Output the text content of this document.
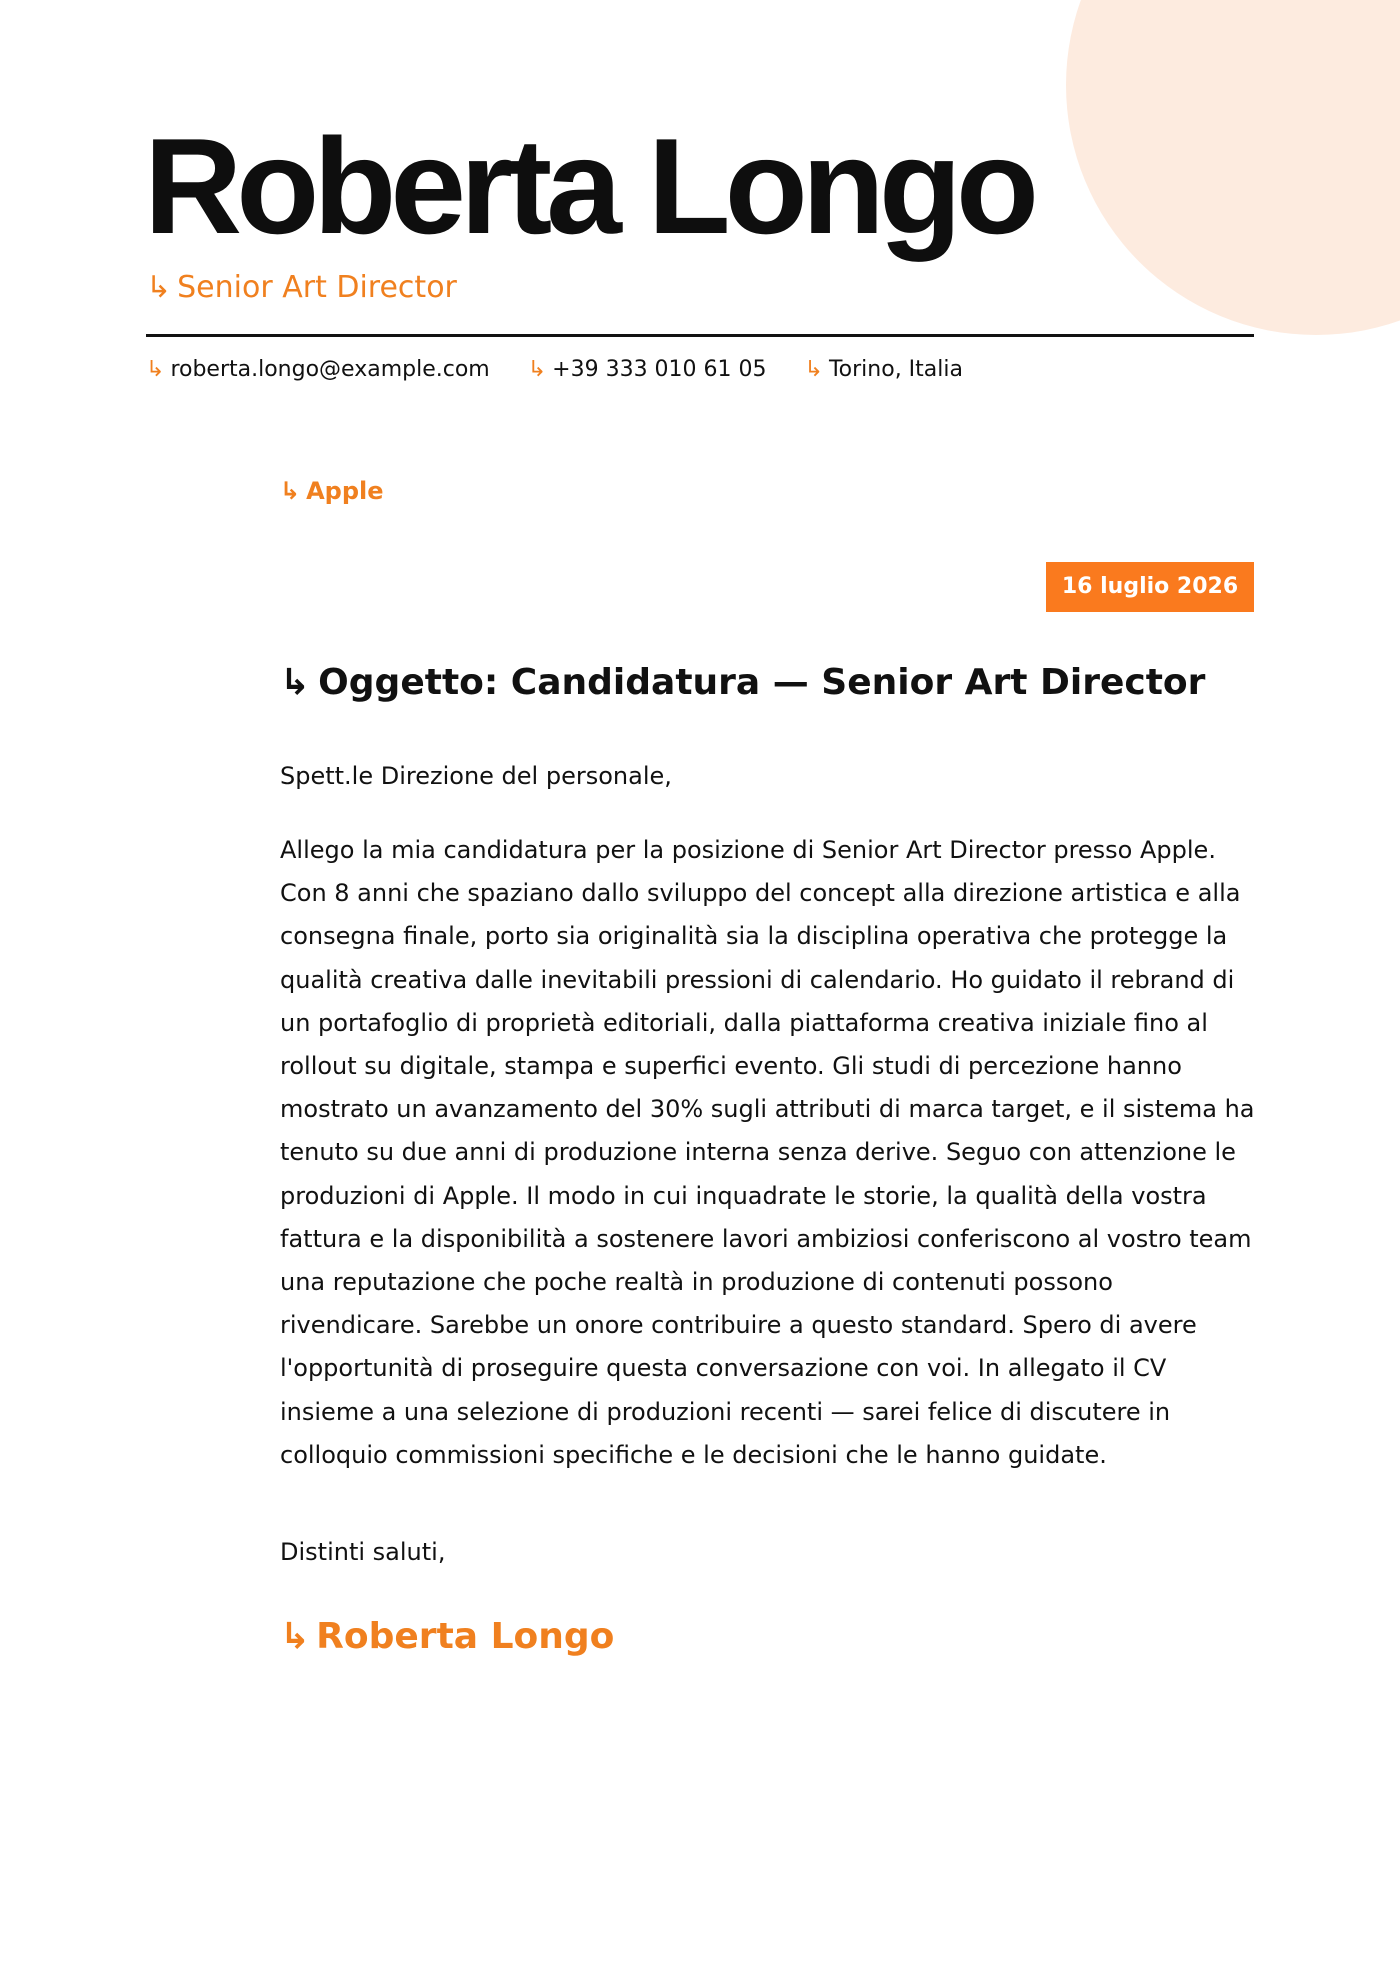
Roberta Longo
↳ Senior Art Director
↳ roberta.longo@example.com ↳ +39 333 010 61 05 ↳ Torino, Italia
↳ Apple
16 luglio 2026
↳ Oggetto: Candidatura — Senior Art Director
Spett.le Direzione del personale,

Allego la mia candidatura per la posizione di Senior Art Director presso Apple. Con 8 anni che spaziano dallo sviluppo del concept alla direzione artistica e alla consegna finale, porto sia originalità sia la disciplina operativa che protegge la qualità creativa dalle inevitabili pressioni di calendario. Ho guidato il rebrand di un portafoglio di proprietà editoriali, dalla piattaforma creativa iniziale fino al rollout su digitale, stampa e superfici evento. Gli studi di percezione hanno mostrato un avanzamento del 30% sugli attributi di marca target, e il sistema ha tenuto su due anni di produzione interna senza derive. Seguo con attenzione le produzioni di Apple. Il modo in cui inquadrate le storie, la qualità della vostra fattura e la disponibilità a sostenere lavori ambiziosi conferiscono al vostro team una reputazione che poche realtà in produzione di contenuti possono rivendicare. Sarebbe un onore contribuire a questo standard. Spero di avere l'opportunità di proseguire questa conversazione con voi. In allegato il CV insieme a una selezione di produzioni recenti — sarei felice di discutere in colloquio commissioni specifiche e le decisioni che le hanno guidate.

Distinti saluti,
↳ Roberta Longo
